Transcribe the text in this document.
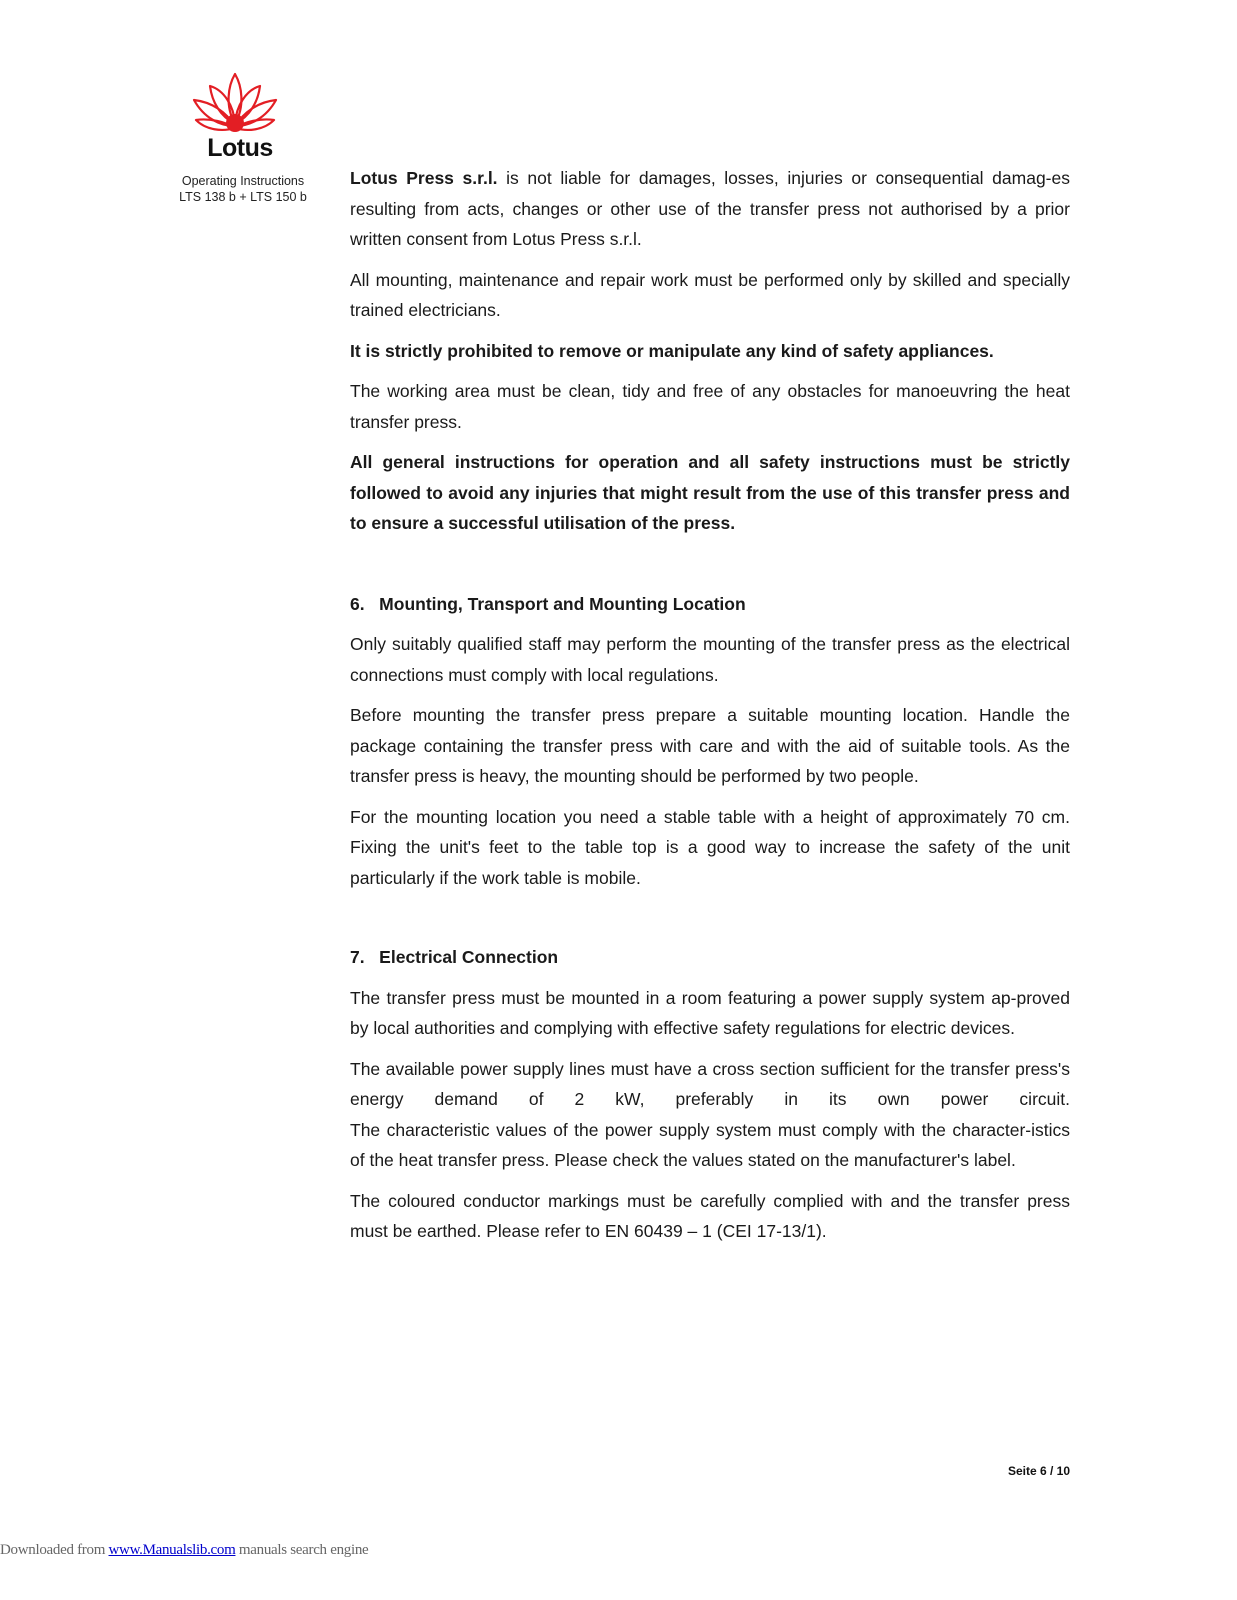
Lotus
Operating Instructions
LTS 138 b + LTS 150 b

Lotus Press s.r.l. is not liable for damages, losses, injuries or consequential damag-es resulting from acts, changes or other use of the transfer press not authorised by a prior written consent from Lotus Press s.r.l.

All mounting, maintenance and repair work must be performed only by skilled and specially trained electricians.

It is strictly prohibited to remove or manipulate any kind of safety appliances.

The working area must be clean, tidy and free of any obstacles for manoeuvring the heat transfer press.

All general instructions for operation and all safety instructions must be strictly followed to avoid any injuries that might result from the use of this transfer press and to ensure a successful utilisation of the press.

6.   Mounting, Transport and Mounting Location

Only suitably qualified staff may perform the mounting of the transfer press as the electrical connections must comply with local regulations.

Before mounting the transfer press prepare a suitable mounting location. Handle the package containing the transfer press with care and with the aid of suitable tools. As the transfer press is heavy, the mounting should be performed by two people.

For the mounting location you need a stable table with a height of approximately 70 cm. Fixing the unit's feet to the table top is a good way to increase the safety of the unit particularly if the work table is mobile.

7.   Electrical Connection

The transfer press must be mounted in a room featuring a power supply system ap-proved by local authorities and complying with effective safety regulations for electric devices.

The available power supply lines must have a cross section sufficient for the transfer press's energy demand of 2 kW, preferably in its own power circuit.
The characteristic values of the power supply system must comply with the character-istics of the heat transfer press. Please check the values stated on the manufacturer's label.

The coloured conductor markings must be carefully complied with and the transfer press must be earthed. Please refer to EN 60439 – 1 (CEI 17-13/1).

Seite 6 / 10
Downloaded from www.Manualslib.com manuals search engine
